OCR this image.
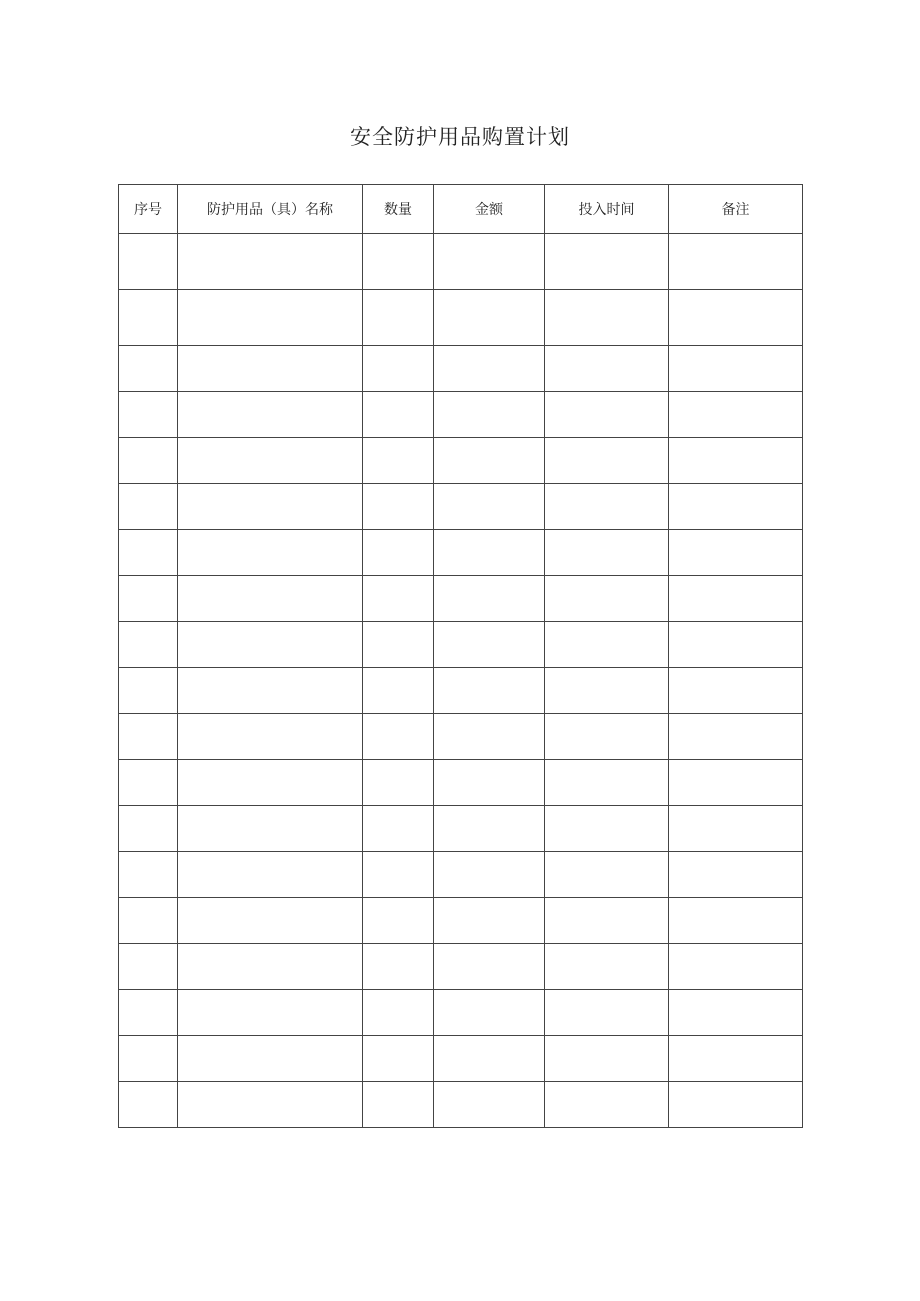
安全防护用品购置计划
序号	防护用品（具）名称	数量	金额	投入时间	备注
